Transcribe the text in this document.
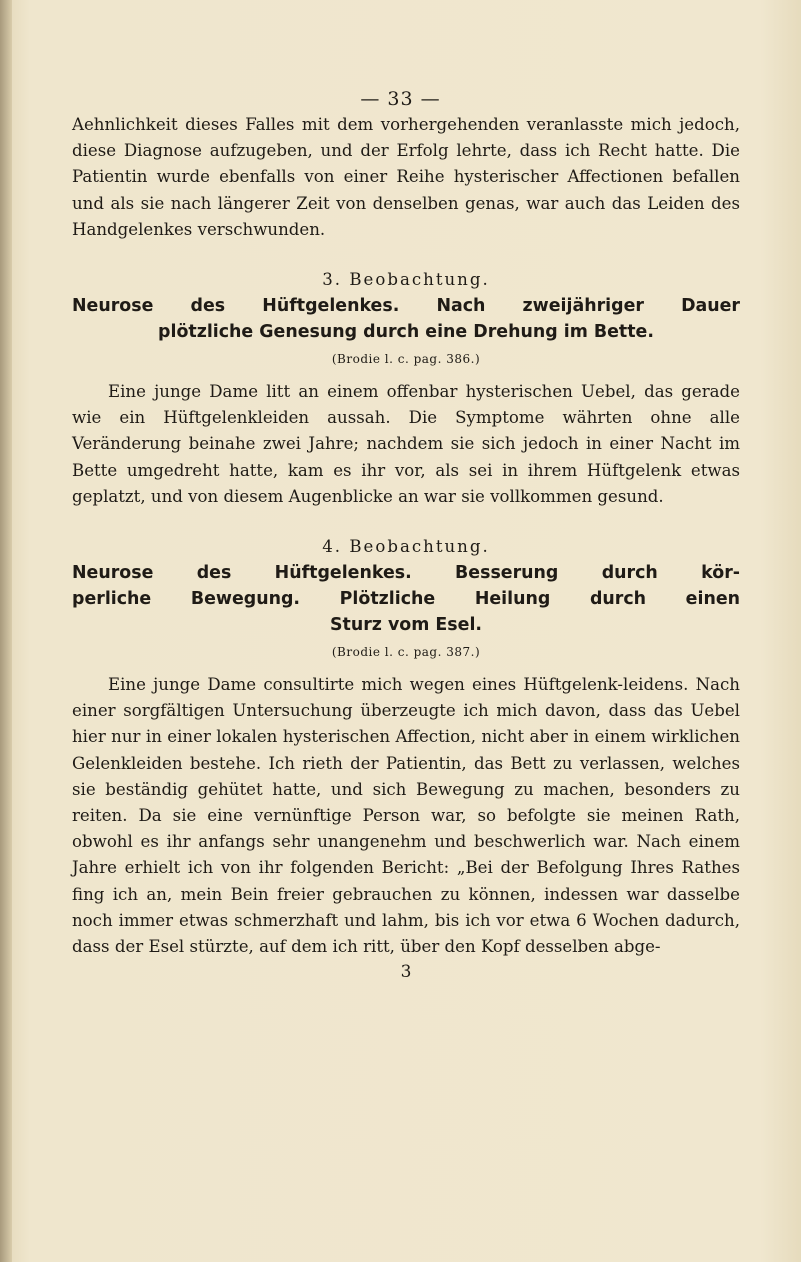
— 33 —

Aehnlichkeit dieses Falles mit dem vorhergehenden veranlasste mich jedoch, diese Diagnose aufzugeben, und der Erfolg lehrte, dass ich Recht hatte. Die Patientin wurde ebenfalls von einer Reihe hysterischer Affectionen befallen und als sie nach längerer Zeit von denselben genas, war auch das Leiden des Handgelenkes verschwunden.

3. Beobachtung.
Neurose des Hüftgelenkes. Nach zweijähriger Dauer
plötzliche Genesung durch eine Drehung im Bette.
(Brodie l. c. pag. 386.)

Eine junge Dame litt an einem offenbar hysterischen Uebel, das gerade wie ein Hüftgelenkleiden aussah. Die Symptome währten ohne alle Veränderung beinahe zwei Jahre; nachdem sie sich jedoch in einer Nacht im Bette umgedreht hatte, kam es ihr vor, als sei in ihrem Hüftgelenk etwas geplatzt, und von diesem Augenblicke an war sie vollkommen gesund.

4. Beobachtung.
Neurose des Hüftgelenkes. Besserung durch kör-
perliche Bewegung. Plötzliche Heilung durch einen
Sturz vom Esel.
(Brodie l. c. pag. 387.)

Eine junge Dame consultirte mich wegen eines Hüftgelenk-leidens. Nach einer sorgfältigen Untersuchung überzeugte ich mich davon, dass das Uebel hier nur in einer lokalen hysterischen Affection, nicht aber in einem wirklichen Gelenkleiden bestehe. Ich rieth der Patientin, das Bett zu verlassen, welches sie beständig gehütet hatte, und sich Bewegung zu machen, besonders zu reiten. Da sie eine vernünftige Person war, so befolgte sie meinen Rath, obwohl es ihr anfangs sehr unangenehm und beschwerlich war. Nach einem Jahre erhielt ich von ihr folgenden Bericht: „Bei der Befolgung Ihres Rathes fing ich an, mein Bein freier gebrauchen zu können, indessen war dasselbe noch immer etwas schmerzhaft und lahm, bis ich vor etwa 6 Wochen dadurch, dass der Esel stürzte, auf dem ich ritt, über den Kopf desselben abge-

3
